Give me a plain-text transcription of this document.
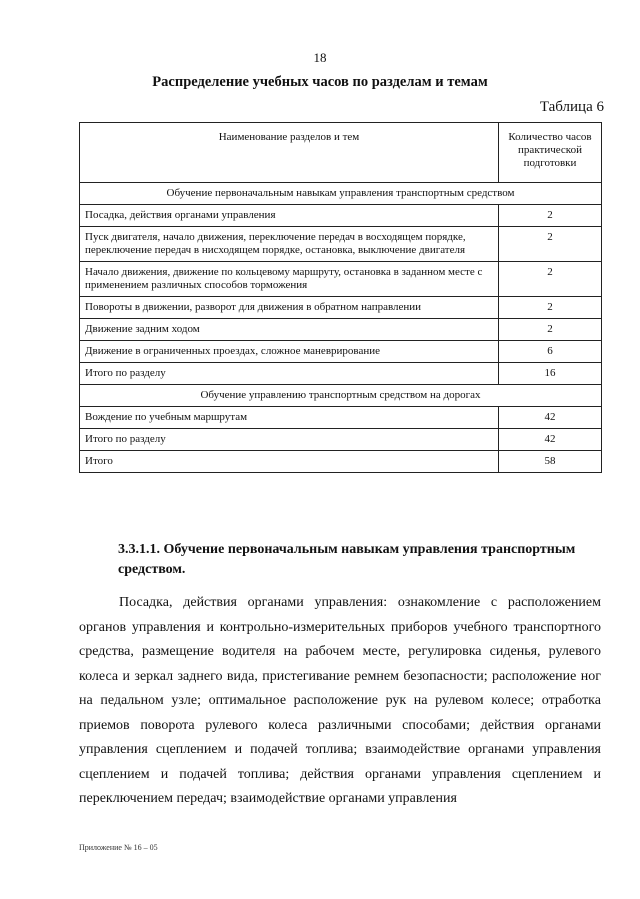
18
Распределение учебных часов по разделам и темам
Таблица 6
Наименование разделов и тем	Количество часов практической подготовки
Обучение первоначальным навыкам управления транспортным средством	
Посадка, действия органами управления	2
Пуск двигателя, начало движения, переключение передач в восходящем порядке, переключение передач в нисходящем порядке, остановка, выключение двигателя	2
Начало движения, движение по кольцевому маршруту, остановка в заданном месте с применением различных способов торможения	2
Повороты в движении, разворот для движения в обратном направлении	2
Движение задним ходом	2
Движение в ограниченных проездах, сложное маневрирование	6
Итого по разделу	16
Обучение управлению транспортным средством на дорогах	
Вождение по учебным маршрутам	42
Итого по разделу	42
Итого	58
3.3.1.1. Обучение первоначальным навыкам управления транспортным средством.

Посадка, действия органами управления: ознакомление с расположением органов управления и контрольно-измерительных приборов учебного транспортного средства, размещение водителя на рабочем месте, регулировка сиденья, рулевого колеса и зеркал заднего вида, пристегивание ремнем безопасности; расположение ног на педальном узле; оптимальное расположение рук на рулевом колесе; отработка приемов поворота рулевого колеса различными способами; действия органами управления сцеплением и подачей топлива; взаимодействие органами управления сцеплением и подачей топлива; действия органами управления сцеплением и переключением передач; взаимодействие органами управления

Приложение № 16 – 05
